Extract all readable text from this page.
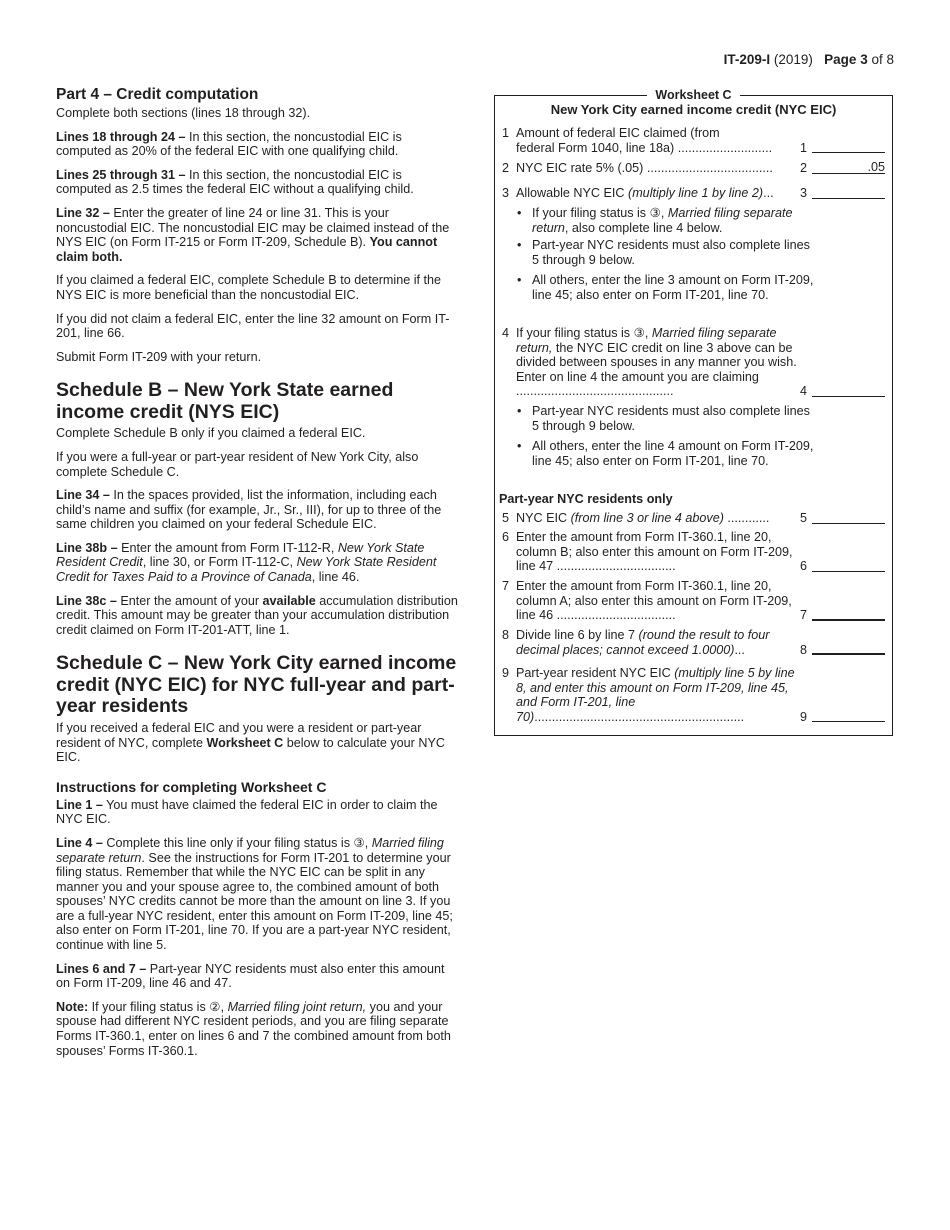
IT-209-I (2019) Page 3 of 8
Part 4 – Credit computation

Complete both sections (lines 18 through 32).

Lines 18 through 24 – In this section, the noncustodial EIC is computed as 20% of the federal EIC with one qualifying child.

Lines 25 through 31 – In this section, the noncustodial EIC is computed as 2.5 times the federal EIC without a qualifying child.

Line 32 – Enter the greater of line 24 or line 31. This is your noncustodial EIC. The noncustodial EIC may be claimed instead of the NYS EIC (on Form IT-215 or Form IT-209, Schedule B). You cannot claim both.

If you claimed a federal EIC, complete Schedule B to determine if the NYS EIC is more beneficial than the noncustodial EIC.

If you did not claim a federal EIC, enter the line 32 amount on Form IT-201, line 66.

Submit Form IT-209 with your return.

Schedule B – New York State earned income credit (NYS EIC)

Complete Schedule B only if you claimed a federal EIC.

If you were a full-year or part-year resident of New York City, also complete Schedule C.

Line 34 – In the spaces provided, list the information, including each child’s name and suffix (for example, Jr., Sr., III), for up to three of the same children you claimed on your federal Schedule EIC.

Line 38b – Enter the amount from Form IT-112-R, New York State Resident Credit, line 30, or Form IT-112-C, New York State Resident Credit for Taxes Paid to a Province of Canada, line 46.

Line 38c – Enter the amount of your available accumulation distribution credit. This amount may be greater than your accumulation distribution credit claimed on Form IT-201-ATT, line 1.

Schedule C – New York City earned income credit (NYC EIC) for NYC full-year and part-year residents

If you received a federal EIC and you were a resident or part-year resident of NYC, complete Worksheet C below to calculate your NYC EIC.

Instructions for completing Worksheet C

Line 1 – You must have claimed the federal EIC in order to claim the NYC EIC.

Line 4 – Complete this line only if your filing status is ③, Married filing separate return. See the instructions for Form IT-201 to determine your filing status. Remember that while the NYC EIC can be split in any manner you and your spouse agree to, the combined amount of both spouses’ NYC credits cannot be more than the amount on line 3. If you are a full-year NYC resident, enter this amount on Form IT-209, line 45; also enter on Form IT-201, line 70. If you are a part-year NYC resident, continue with line 5.

Lines 6 and 7 – Part-year NYC residents must also enter this amount on Form IT-209, line 46 and 47.

Note: If your filing status is ②, Married filing joint return, you and your spouse had different NYC resident periods, and you are filing separate Forms IT-360.1, enter on lines 6 and 7 the combined amount from both spouses’ Forms IT-360.1.

Worksheet C
New York City earned income credit (NYC EIC)
1 Amount of federal EIC claimed (from
federal Form 1040, line 18a) ...........................	1
2 NYC EIC rate 5% (.05) ....................................	2	.05
3 Allowable NYC EIC (multiply line 1 by line 2)...	3
• If your filing status is ③, Married filing separate return, also complete line 4 below.
• Part-year NYC residents must also complete lines 5 through 9 below.
• All others, enter the line 3 amount on Form IT-209, line 45; also enter on Form IT-201, line 70.
4 If your filing status is ③, Married filing separate return, the NYC EIC credit on line 3 above can be divided between spouses in any manner you wish. Enter on line 4 the amount you are claiming .............................................	4
• Part-year NYC residents must also complete lines 5 through 9 below.
• All others, enter the line 4 amount on Form IT-209, line 45; also enter on Form IT-201, line 70.
Part-year NYC residents only
5 NYC EIC (from line 3 or line 4 above) ............	5
6 Enter the amount from Form IT-360.1, line 20, column B; also enter this amount on Form IT-209, line 47 ..................................	6
7 Enter the amount from Form IT-360.1, line 20, column A; also enter this amount on Form IT-209, line 46 ..................................	7
8 Divide line 6 by line 7 (round the result to four decimal places; cannot exceed 1.0000)...	8
9 Part-year resident NYC EIC (multiply line 5 by line 8, and enter this amount on Form IT-209, line 45, and Form IT-201, line 70)............................................................	9
